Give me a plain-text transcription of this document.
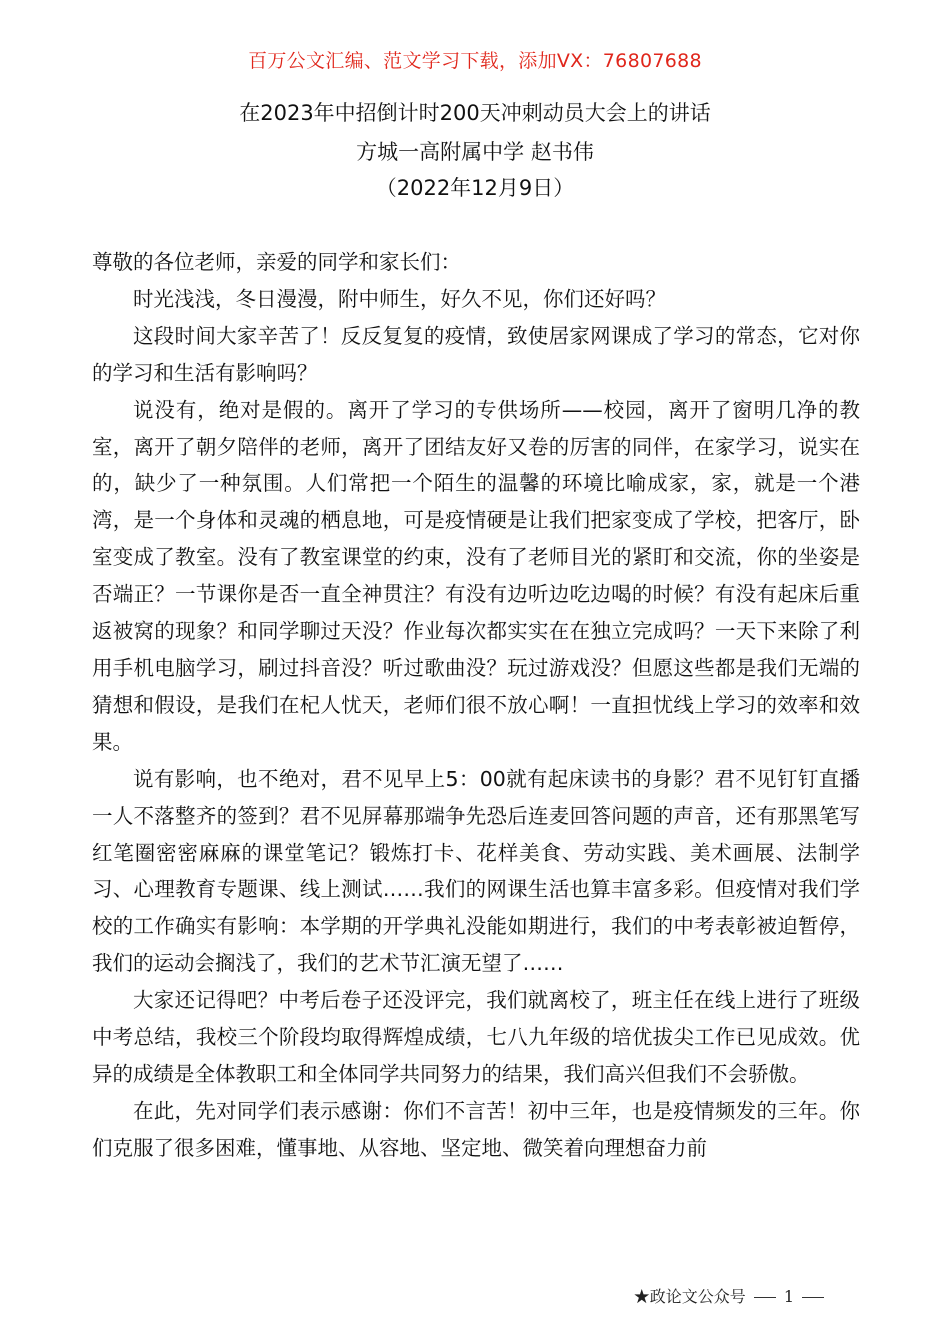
百万公文汇编、范文学习下载，添加VX：76807688
在2023年中招倒计时200天冲刺动员大会上的讲话
方城一高附属中学 赵书伟
（2022年12月9日）

尊敬的各位老师，亲爱的同学和家长们：

时光浅浅，冬日漫漫，附中师生，好久不见，你们还好吗？

这段时间大家辛苦了！反反复复的疫情，致使居家网课成了学习的常态，它对你的学习和生活有影响吗？

说没有，绝对是假的。离开了学习的专供场所——校园，离开了窗明几净的教室，离开了朝夕陪伴的老师，离开了团结友好又卷的厉害的同伴，在家学习，说实在的，缺少了一种氛围。人们常把一个陌生的温馨的环境比喻成家，家，就是一个港湾，是一个身体和灵魂的栖息地，可是疫情硬是让我们把家变成了学校，把客厅，卧室变成了教室。没有了教室课堂的约束，没有了老师目光的紧盯和交流，你的坐姿是否端正？一节课你是否一直全神贯注？有没有边听边吃边喝的时候？有没有起床后重返被窝的现象？和同学聊过天没？作业每次都实实在在独立完成吗？一天下来除了利用手机电脑学习，刷过抖音没？听过歌曲没？玩过游戏没？但愿这些都是我们无端的猜想和假设，是我们在杞人忧天，老师们很不放心啊！一直担忧线上学习的效率和效果。

说有影响，也不绝对，君不见早上5：00就有起床读书的身影？君不见钉钉直播一人不落整齐的签到？君不见屏幕那端争先恐后连麦回答问题的声音，还有那黑笔写红笔圈密密麻麻的课堂笔记？锻炼打卡、花样美食、劳动实践、美术画展、法制学习、心理教育专题课、线上测试……我们的网课生活也算丰富多彩。但疫情对我们学校的工作确实有影响：本学期的开学典礼没能如期进行，我们的中考表彰被迫暂停，我们的运动会搁浅了，我们的艺术节汇演无望了……

大家还记得吧？中考后卷子还没评完，我们就离校了，班主任在线上进行了班级中考总结，我校三个阶段均取得辉煌成绩，七八九年级的培优拔尖工作已见成效。优异的成绩是全体教职工和全体同学共同努力的结果，我们高兴但我们不会骄傲。

在此，先对同学们表示感谢：你们不言苦！初中三年，也是疫情频发的三年。你们克服了很多困难，懂事地、从容地、坚定地、微笑着向理想奋力前

★政论文公众号 1
